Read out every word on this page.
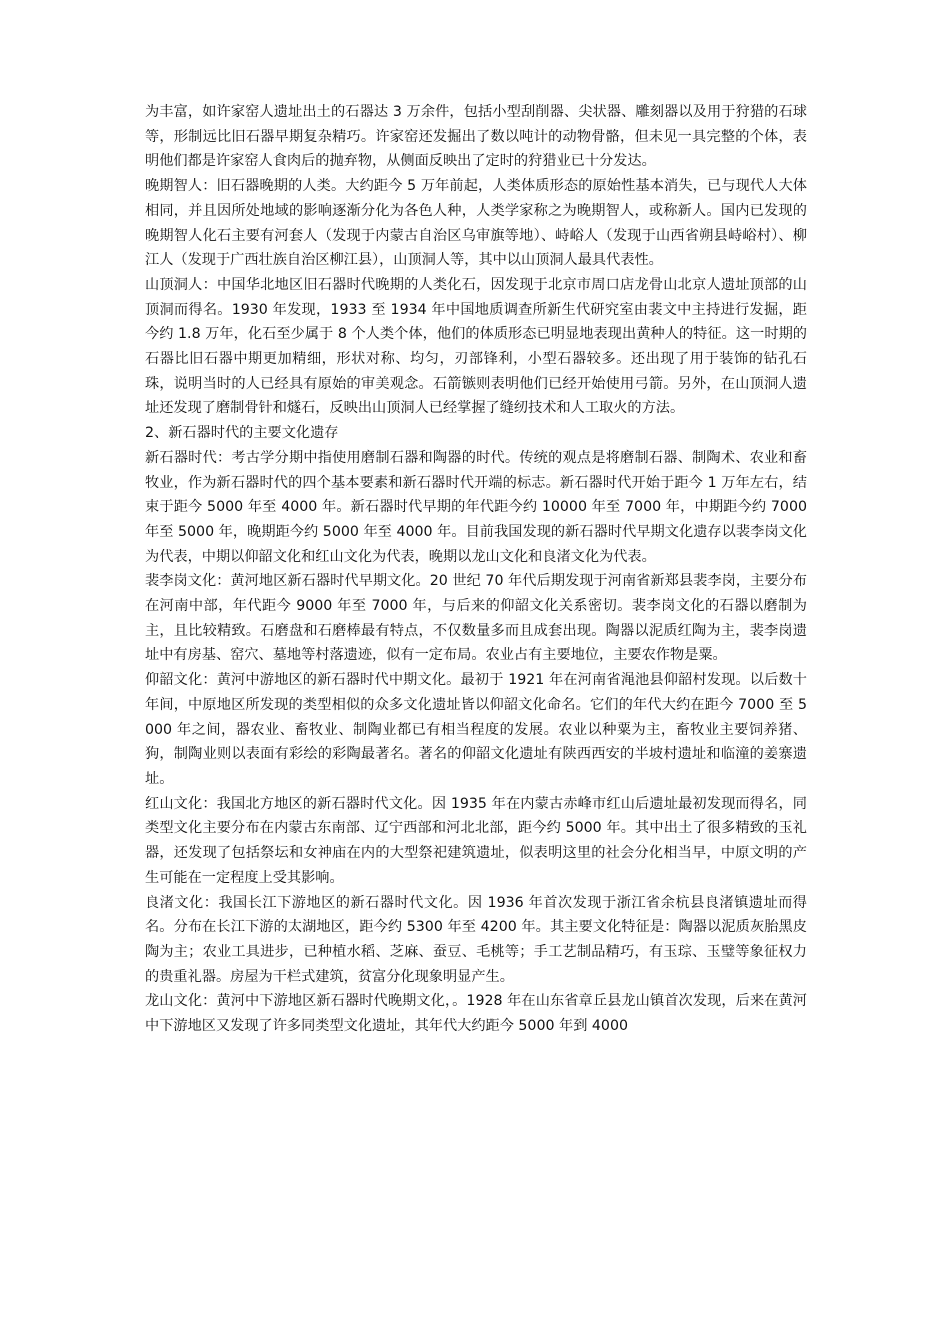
为丰富，如许家窑人遗址出土的石器达 3 万余件，包括小型刮削器、尖状器、雕刻器以及用于狩猎的石球等，形制远比旧石器早期复杂精巧。许家窑还发掘出了数以吨计的动物骨骼，但未见一具完整的个体，表明他们都是许家窑人食肉后的抛弃物，从侧面反映出了定时的狩猎业已十分发达。

晚期智人：旧石器晚期的人类。大约距今 5 万年前起，人类体质形态的原始性基本消失，已与现代人大体相同，并且因所处地域的影响逐渐分化为各色人种，人类学家称之为晚期智人，或称新人。国内已发现的晚期智人化石主要有河套人（发现于内蒙古自治区乌审旗等地）、峙峪人（发现于山西省朔县峙峪村）、柳江人（发现于广西壮族自治区柳江县），山顶洞人等，其中以山顶洞人最具代表性。

山顶洞人：中国华北地区旧石器时代晚期的人类化石，因发现于北京市周口店龙骨山北京人遗址顶部的山顶洞而得名。1930 年发现，1933 至 1934 年中国地质调查所新生代研究室由裴文中主持进行发掘，距今约 1.8 万年，化石至少属于 8 个人类个体，他们的体质形态已明显地表现出黄种人的特征。这一时期的石器比旧石器中期更加精细，形状对称、均匀，刃部锋利，小型石器较多。还出现了用于装饰的钻孔石珠，说明当时的人已经具有原始的审美观念。石箭镞则表明他们已经开始使用弓箭。另外，在山顶洞人遗址还发现了磨制骨针和燧石，反映出山顶洞人已经掌握了缝纫技术和人工取火的方法。

2、新石器时代的主要文化遗存

新石器时代：考古学分期中指使用磨制石器和陶器的时代。传统的观点是将磨制石器、制陶术、农业和畜牧业，作为新石器时代的四个基本要素和新石器时代开端的标志。新石器时代开始于距今 1 万年左右，结束于距今 5000 年至 4000 年。新石器时代早期的年代距今约 10000 年至 7000 年，中期距今约 7000 年至 5000 年，晚期距今约 5000 年至 4000 年。目前我国发现的新石器时代早期文化遗存以裴李岗文化为代表，中期以仰韶文化和红山文化为代表，晚期以龙山文化和良渚文化为代表。

裴李岗文化：黄河地区新石器时代早期文化。20 世纪 70 年代后期发现于河南省新郑县裴李岗，主要分布在河南中部，年代距今 9000 年至 7000 年，与后来的仰韶文化关系密切。裴李岗文化的石器以磨制为主，且比较精致。石磨盘和石磨棒最有特点，不仅数量多而且成套出现。陶器以泥质红陶为主，裴李岗遗址中有房基、窑穴、墓地等村落遗迹，似有一定布局。农业占有主要地位，主要农作物是粟。

仰韶文化：黄河中游地区的新石器时代中期文化。最初于 1921 年在河南省渑池县仰韶村发现。以后数十年间，中原地区所发现的类型相似的众多文化遗址皆以仰韶文化命名。它们的年代大约在距今 7000 至 5000 年之间，器农业、畜牧业、制陶业都已有相当程度的发展。农业以种粟为主，畜牧业主要饲养猪、狗，制陶业则以表面有彩绘的彩陶最著名。著名的仰韶文化遗址有陕西西安的半坡村遗址和临潼的姜寨遗址。

红山文化：我国北方地区的新石器时代文化。因 1935 年在内蒙古赤峰市红山后遗址最初发现而得名，同类型文化主要分布在内蒙古东南部、辽宁西部和河北北部，距今约 5000 年。其中出土了很多精致的玉礼器，还发现了包括祭坛和女神庙在内的大型祭祀建筑遗址，似表明这里的社会分化相当早，中原文明的产生可能在一定程度上受其影响。

良渚文化：我国长江下游地区的新石器时代文化。因 1936 年首次发现于浙江省余杭县良渚镇遗址而得名。分布在长江下游的太湖地区，距今约 5300 年至 4200 年。其主要文化特征是：陶器以泥质灰胎黑皮陶为主；农业工具进步，已种植水稻、芝麻、蚕豆、毛桃等；手工艺制品精巧，有玉琮、玉璧等象征权力的贵重礼器。房屋为干栏式建筑，贫富分化现象明显产生。

龙山文化：黄河中下游地区新石器时代晚期文化，。1928 年在山东省章丘县龙山镇首次发现，后来在黄河中下游地区又发现了许多同类型文化遗址，其年代大约距今 5000 年到 4000
